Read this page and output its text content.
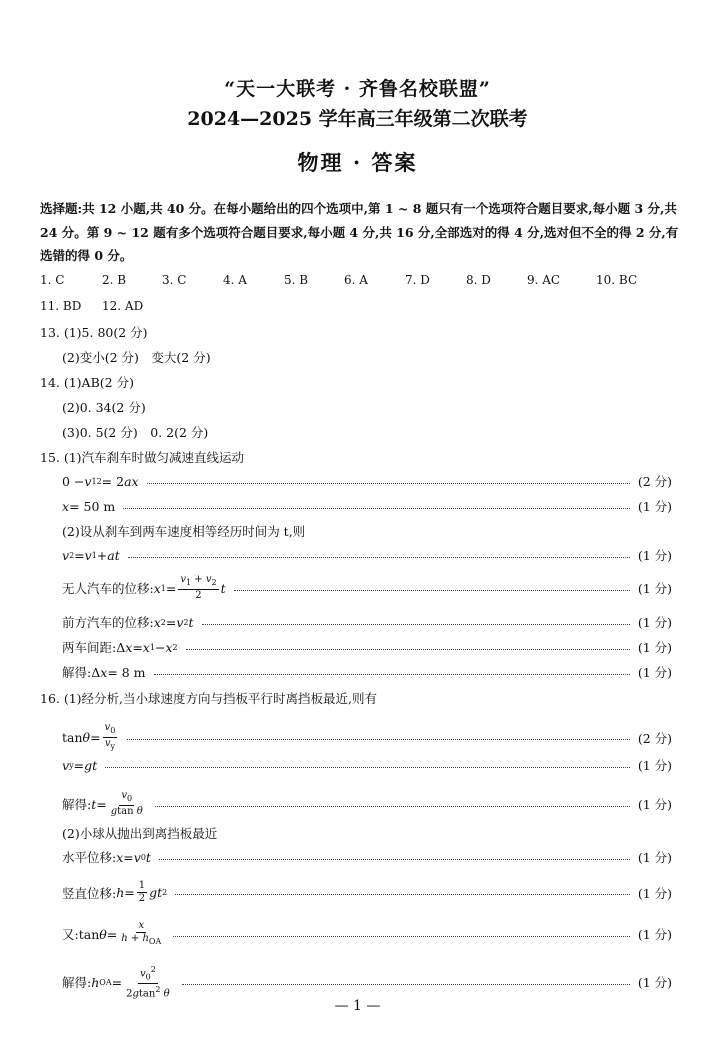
“天一大联考 · 齐鲁名校联盟”
2024—2025 学年高三年级第二次联考
物理 · 答案
选择题:共 12 小题,共 40 分。在每小题给出的四个选项中,第 1 ~ 8 题只有一个选项符合题目要求,每小题 3 分,共 24 分。第 9 ~ 12 题有多个选项符合题目要求,每小题 4 分,共 16 分,全部选对的得 4 分,选对但不全的得 2 分,有选错的得 0 分。
1. C	2. B	3. C	4. A	5. B	6. A	7. D	8. D	9. AC	10. BC
11. BD 12. AD
13. (1)5. 80(2 分)
(2)变小(2 分)　变大(2 分)
14. (1)AB(2 分)
(2)0. 34(2 分)
(3)0. 5(2 分)　0. 2(2 分)
15. (1)汽车刹车时做匀减速直线运动
0 − v 1 2 = 2 ax	(2 分)
x = 50 m	(1 分)
(2)设从刹车到两车速度相等经历时间为 t,则
v 2 = v 1 + at	(1 分)
无人汽车的位移: x $1 = \frac{v_1 + v_2}{2}$ t	(1 分)
前方汽车的位移: x 2 = v 2 t	(1 分)
两车间距: Δ x = x 1 − x 2	(1 分)
解得: Δ x = 8 m	(1 分)
16. (1)经分析,当小球速度方向与挡板平行时离挡板最近,则有
$\tan \theta = \frac{v_0}{v_y}$	(2 分)
v y = gt	(1 分)
解得: $t = \frac{v_0}{\text{gtan θ}}$	(1 分)
(2)小球从抛出到离挡板最近
水平位移: x = v 0 t	(1 分)
竖直位移: $h = \frac{1}{2}$ gt 2	(1 分)
又: $\tan \theta = \frac{x}{h + h_{OA}}$	(1 分)
解得: h OA = $\frac{v_0^2}{2gtan^2 \theta}$	(1 分)
— 1 —
